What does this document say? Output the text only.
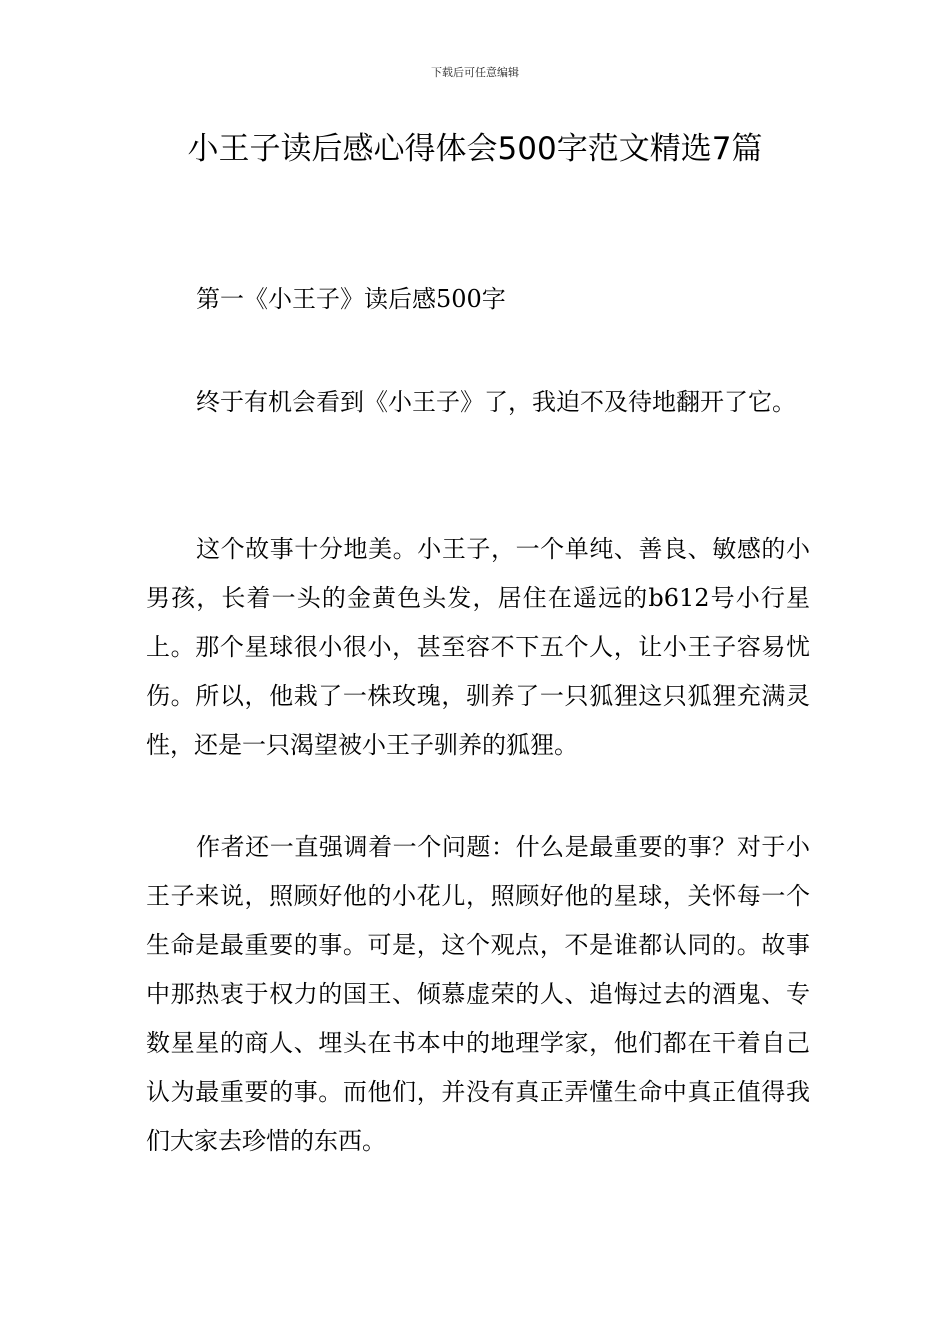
下载后可任意编辑
小王子读后感心得体会500字范文精选7篇
第一《小王子》读后感500字

终于有机会看到《小王子》了，我迫不及待地翻开了它。

这个故事十分地美。小王子，一个单纯、善良、敏感的小男孩，长着一头的金黄色头发，居住在遥远的b612号小行星上。那个星球很小很小，甚至容不下五个人，让小王子容易忧伤。所以，他栽了一株玫瑰，驯养了一只狐狸这只狐狸充满灵性，还是一只渴望被小王子驯养的狐狸。

作者还一直强调着一个问题：什么是最重要的事？对于小王子来说，照顾好他的小花儿，照顾好他的星球，关怀每一个生命是最重要的事。可是，这个观点，不是谁都认同的。故事中那热衷于权力的国王、倾慕虚荣的人、追悔过去的酒鬼、专数星星的商人、埋头在书本中的地理学家，他们都在干着自己认为最重要的事。而他们，并没有真正弄懂生命中真正值得我们大家去珍惜的东西。
